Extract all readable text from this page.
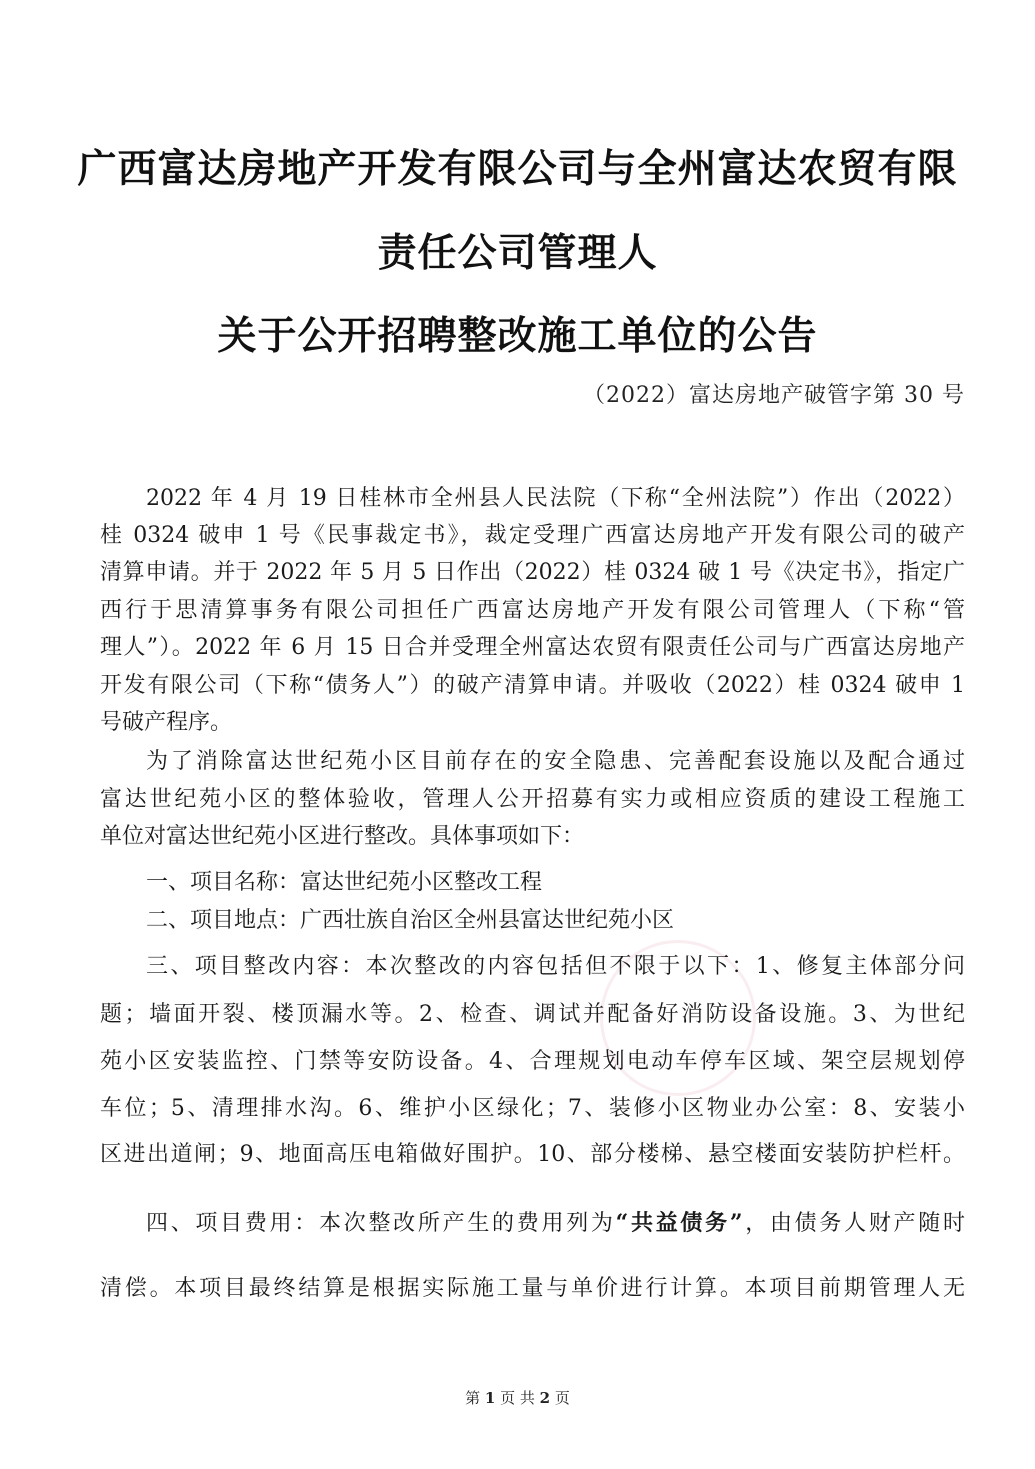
广西富达房地产开发有限公司与全州富达农贸有限
责任公司管理人
关于公开招聘整改施工单位的公告
（2022）富达房地产破管字第 30 号
2022 年 4 月 19 日桂林市全州县人民法院（下称“全州法院”）作出（2022）
桂 0324 破申 1 号《民事裁定书》，裁定受理广西富达房地产开发有限公司的破产
清算申请。并于 2022 年 5 月 5 日作出（2022）桂 0324 破 1 号《决定书》，指定广
西行于思清算事务有限公司担任广西富达房地产开发有限公司管理人（下称“管
理人”）。2022 年 6 月 15 日合并受理全州富达农贸有限责任公司与广西富达房地产
开发有限公司（下称“债务人”）的破产清算申请。并吸收（2022）桂 0324 破申 1
号破产程序。
为了消除富达世纪苑小区目前存在的安全隐患、完善配套设施以及配合通过
富达世纪苑小区的整体验收，管理人公开招募有实力或相应资质的建设工程施工
单位对富达世纪苑小区进行整改。具体事项如下：
一、项目名称：富达世纪苑小区整改工程
二、项目地点：广西壮族自治区全州县富达世纪苑小区
三、项目整改内容：本次整改的内容包括但不限于以下：1、修复主体部分问
题；墙面开裂、楼顶漏水等。2、检查、调试并配备好消防设备设施。3、为世纪
苑小区安装监控、门禁等安防设备。4、合理规划电动车停车区域、架空层规划停
车位；5、清理排水沟。6、维护小区绿化；7、装修小区物业办公室：8、安装小
区进出道闸；9、地面高压电箱做好围护。10、部分楼梯、悬空楼面安装防护栏杆。
四、项目费用：本次整改所产生的费用列为“共益债务”，由债务人财产随时
清偿。本项目最终结算是根据实际施工量与单价进行计算。本项目前期管理人无
第 1 页 共 2 页
